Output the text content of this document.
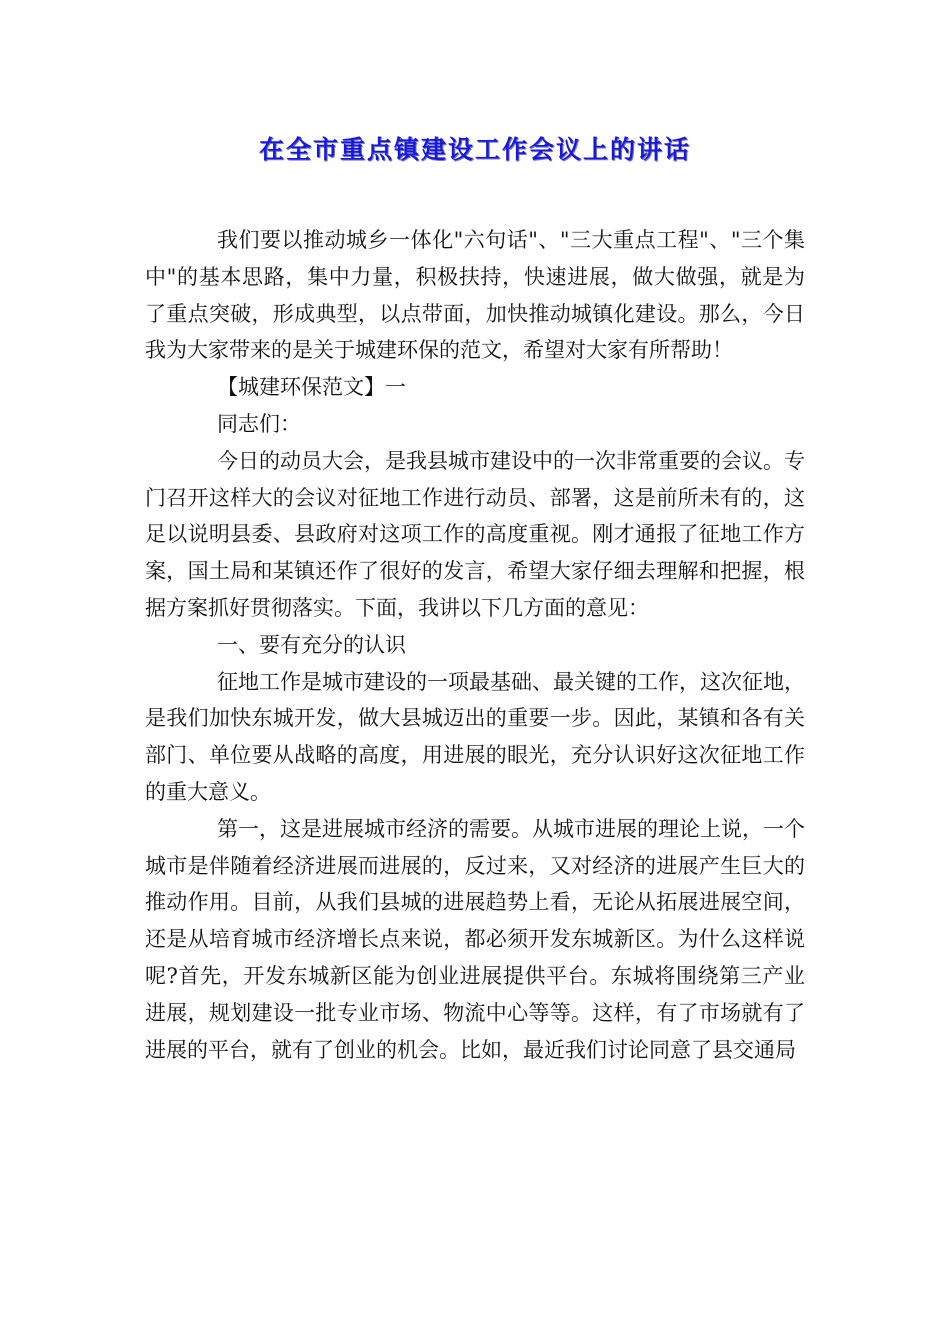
在全市重点镇建设工作会议上的讲话

我们要以推动城乡一体化"六句话"、"三大重点工程"、"三个集中"的基本思路，集中力量，积极扶持，快速进展，做大做强，就是为了重点突破，形成典型，以点带面，加快推动城镇化建设。那么，今日我为大家带来的是关于城建环保的范文，希望对大家有所帮助！

【城建环保范文】一

同志们：

今日的动员大会，是我县城市建设中的一次非常重要的会议。专门召开这样大的会议对征地工作进行动员、部署，这是前所未有的，这足以说明县委、县政府对这项工作的高度重视。刚才通报了征地工作方案，国土局和某镇还作了很好的发言，希望大家仔细去理解和把握，根据方案抓好贯彻落实。下面，我讲以下几方面的意见：

一、要有充分的认识

征地工作是城市建设的一项最基础、最关键的工作，这次征地，是我们加快东城开发，做大县城迈出的重要一步。因此，某镇和各有关部门、单位要从战略的高度，用进展的眼光，充分认识好这次征地工作的重大意义。

第一，这是进展城市经济的需要。从城市进展的理论上说，一个城市是伴随着经济进展而进展的，反过来，又对经济的进展产生巨大的推动作用。目前，从我们县城的进展趋势上看，无论从拓展进展空间，还是从培育城市经济增长点来说，都必须开发东城新区。为什么这样说呢?首先，开发东城新区能为创业进展提供平台。东城将围绕第三产业进展，规划建设一批专业市场、物流中心等等。这样，有了市场就有了进展的平台，就有了创业的机会。比如，最近我们讨论同意了县交通局
